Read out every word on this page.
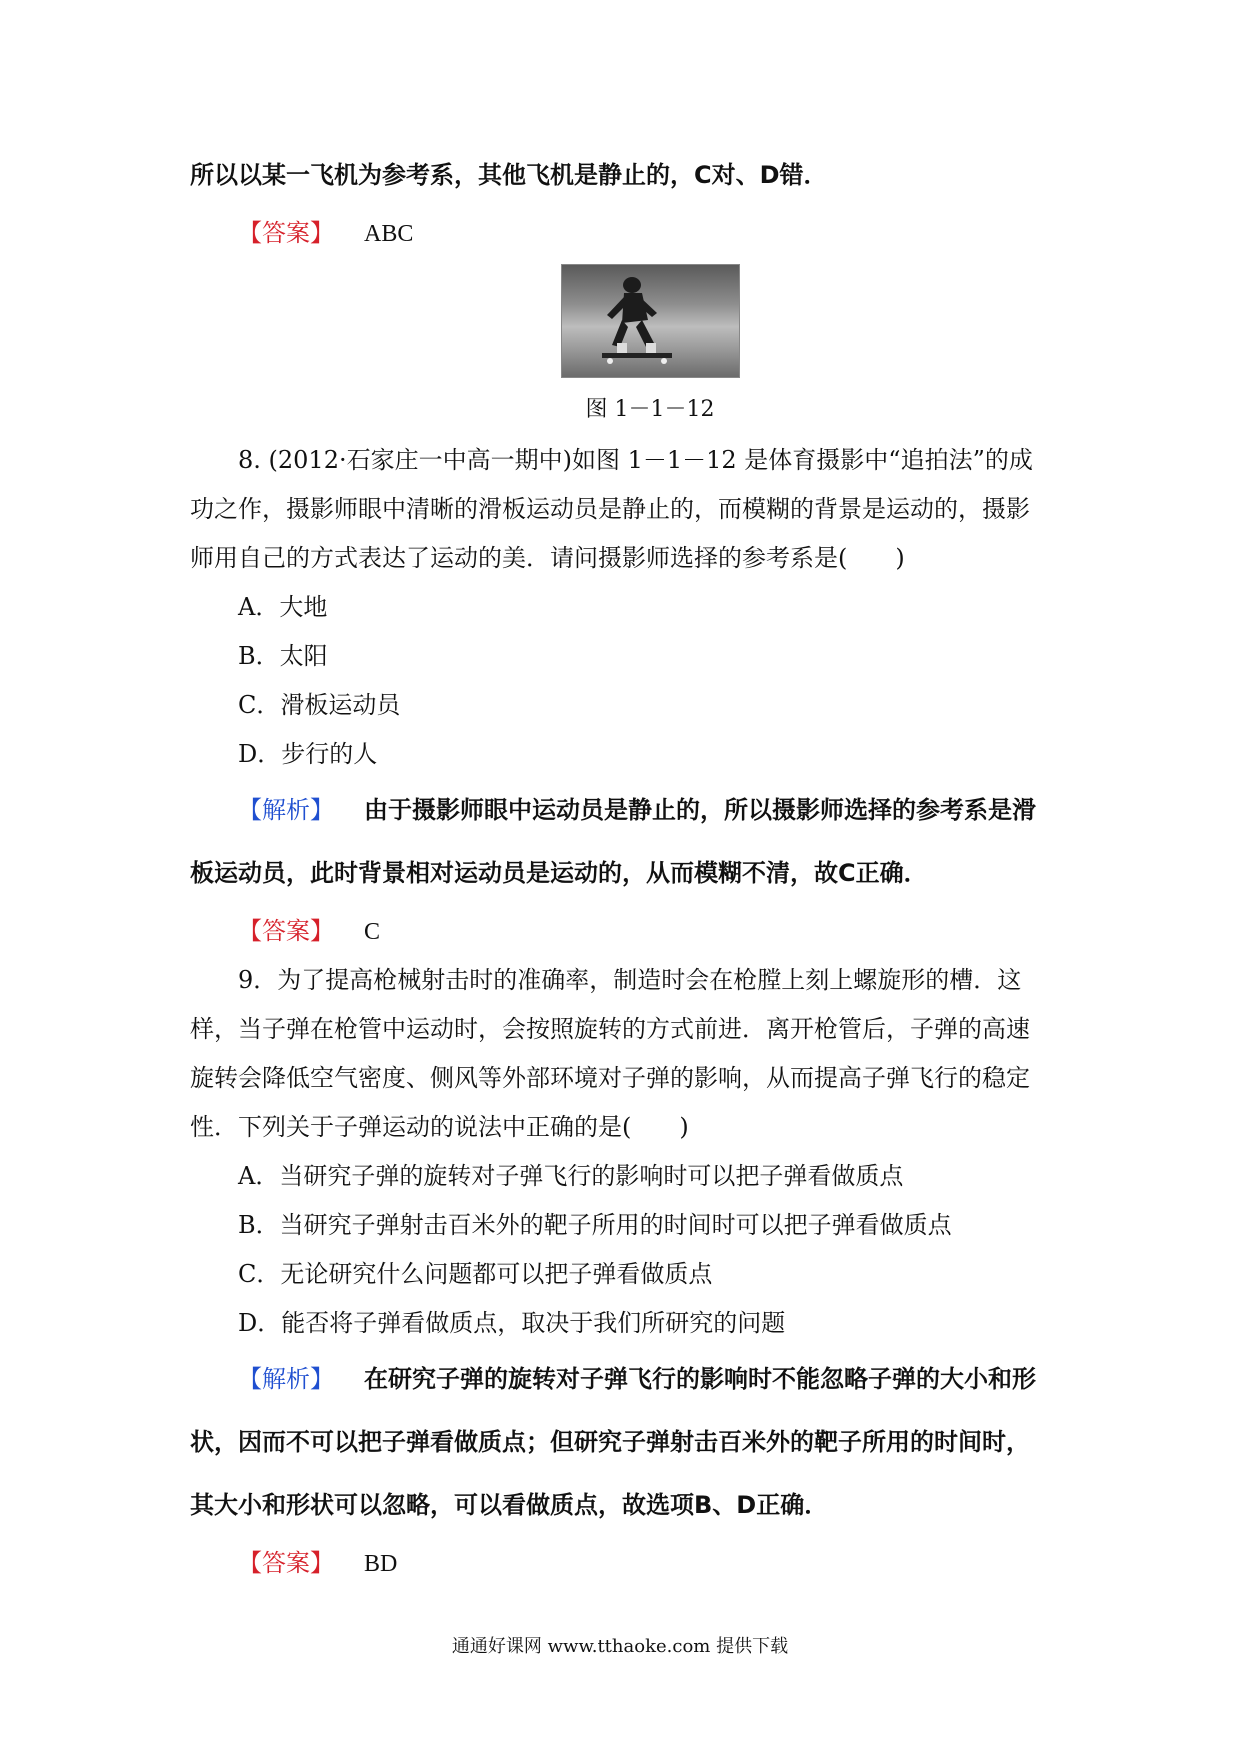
所以以某一飞机为参考系，其他飞机是静止的，C对、D错．
【答案】 ABC
图 1－1－12
8. (2012·石家庄一中高一期中)如图 1－1－12 是体育摄影中“追拍法”的成
功之作，摄影师眼中清晰的滑板运动员是静止的，而模糊的背景是运动的，摄影
师用自己的方式表达了运动的美．请问摄影师选择的参考系是(　　)
A．大地
B．太阳
C．滑板运动员
D．步行的人
【解析】 由于摄影师眼中运动员是静止的，所以摄影师选择的参考系是滑
板运动员，此时背景相对运动员是运动的，从而模糊不清，故C正确．
【答案】 C
9．为了提高枪械射击时的准确率，制造时会在枪膛上刻上螺旋形的槽．这
样，当子弹在枪管中运动时，会按照旋转的方式前进．离开枪管后，子弹的高速
旋转会降低空气密度、侧风等外部环境对子弹的影响，从而提高子弹飞行的稳定
性．下列关于子弹运动的说法中正确的是(　　)
A．当研究子弹的旋转对子弹飞行的影响时可以把子弹看做质点
B．当研究子弹射击百米外的靶子所用的时间时可以把子弹看做质点
C．无论研究什么问题都可以把子弹看做质点
D．能否将子弹看做质点，取决于我们所研究的问题
【解析】 在研究子弹的旋转对子弹飞行的影响时不能忽略子弹的大小和形
状，因而不可以把子弹看做质点；但研究子弹射击百米外的靶子所用的时间时，
其大小和形状可以忽略，可以看做质点，故选项B、D正确．
【答案】 BD
通通好课网 www.tthaoke.com 提供下载
